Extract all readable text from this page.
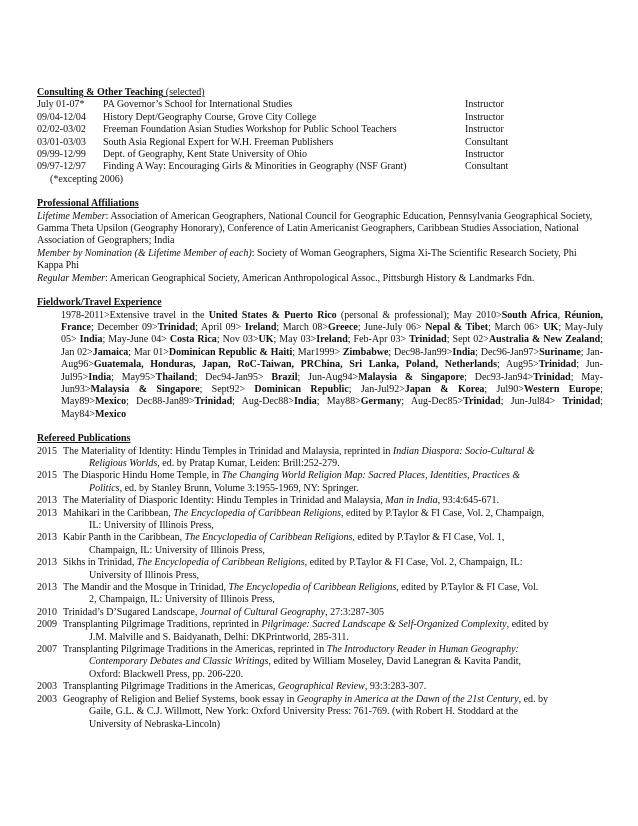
Consulting & Other Teaching (selected)
July 01-07*	PA Governor’s School for International Studies	Instructor
09/04-12/04	History Dept/Geography Course, Grove City College	Instructor
02/02-03/02	Freeman Foundation Asian Studies Workshop for Public School Teachers	Instructor
03/01-03/03	South Asia Regional Expert for W.H. Freeman Publishers	Consultant
09/99-12/99	Dept. of Geography, Kent State University of Ohio	Instructor
09/97-12/97	Finding A Way: Encouraging Girls & Minorities in Geography (NSF Grant)	Consultant
(*excepting 2006)
Professional Affiliations
Lifetime Member: Association of American Geographers, National Council for Geographic Education, Pennsylvania Geographical Society, Gamma Theta Upsilon (Geography Honorary), Conference of Latin Americanist Geographers, Caribbean Studies Association, National Association of Geographers; India
Member by Nomination (& Lifetime Member of each): Society of Woman Geographers, Sigma Xi-The Scientific Research Society, Phi Kappa Phi
Regular Member: American Geographical Society, American Anthropological Assoc., Pittsburgh History & Landmarks Fdn.
Fieldwork/Travel Experience
1978-2011>Extensive travel in the United States & Puerto Rico (personal & professional); May 2010>South Africa, Réunion, France; December 09>Trinidad; April 09> Ireland; March 08>Greece; June-July 06> Nepal & Tibet; March 06> UK; May-July 05> India; May-June 04> Costa Rica; Nov 03>UK; May 03>Ireland; Feb-Apr 03> Trinidad; Sept 02>Australia & New Zealand; Jan 02>Jamaica; Mar 01>Dominican Republic & Haiti; Mar1999> Zimbabwe; Dec98-Jan99>India; Dec96-Jan97>Suriname; Jan-Aug96>Guatemala, Honduras, Japan, RoC-Taiwan, PRChina, Sri Lanka, Poland, Netherlands; Aug95>Trinidad; Jun-Jul95>India; May95>Thailand; Dec94-Jan95> Brazil; Jun-Aug94>Malaysia & Singapore; Dec93-Jan94>Trinidad; May-Jun93>Malaysia & Singapore; Sept92> Dominican Republic; Jan-Jul92>Japan & Korea; Jul90>Western Europe; May89>Mexico; Dec88-Jan89>Trinidad; Aug-Dec88>India; May88>Germany; Aug-Dec85>Trinidad; Jun-Jul84> Trinidad; May84>Mexico
Refereed Publications
2015 The Materiality of Identity: Hindu Temples in Trinidad and Malaysia, reprinted in Indian Diaspora: Socio-Cultural &
Religious Worlds, ed. by Pratap Kumar, Leiden: Brill:252-279.
2015 The Diasporic Hindu Home Temple, in The Changing World Religion Map: Sacred Places, Identities, Practices &
Politics, ed. by Stanley Brunn, Volume 3:1955-1969, NY: Springer.
2013 The Materiality of Diasporic Identity: Hindu Temples in Trinidad and Malaysia, Man in India, 93:4:645-671.
2013 Mahikari in the Caribbean, The Encyclopedia of Caribbean Religions, edited by P.Taylor & FI Case, Vol. 2, Champaign,
IL: University of Illinois Press,
2013 Kabir Panth in the Caribbean, The Encyclopedia of Caribbean Religions, edited by P.Taylor & FI Case, Vol. 1,
Champaign, IL: University of Illinois Press,
2013 Sikhs in Trinidad, The Encyclopedia of Caribbean Religions, edited by P.Taylor & FI Case, Vol. 2, Champaign, IL:
University of Illinois Press,
2013 The Mandir and the Mosque in Trinidad, The Encyclopedia of Caribbean Religions, edited by P.Taylor & FI Case, Vol.
2, Champaign, IL: University of Illinois Press,
2010 Trinidad’s D’Sugared Landscape, Journal of Cultural Geography, 27:3:287-305
2009 Transplanting Pilgrimage Traditions, reprinted in Pilgrimage: Sacred Landscape & Self-Organized Complexity, edited by
J.M. Malville and S. Baidyanath, Delhi: DKPrintworld, 285-311.
2007 Transplanting Pilgrimage Traditions in the Americas, reprinted in The Introductory Reader in Human Geography:
Contemporary Debates and Classic Writings, edited by William Moseley, David Lanegran & Kavita Pandit,
Oxford: Blackwell Press, pp. 206-220.
2003 Transplanting Pilgrimage Traditions in the Americas, Geographical Review, 93:3:283-307.
2003 Geography of Religion and Belief Systems, book essay in Geography in America at the Dawn of the 21st Century, ed. by
Gaile, G.L. & C.J. Willmott, New York: Oxford University Press: 761-769. (with Robert H. Stoddard at the
University of Nebraska-Lincoln)
